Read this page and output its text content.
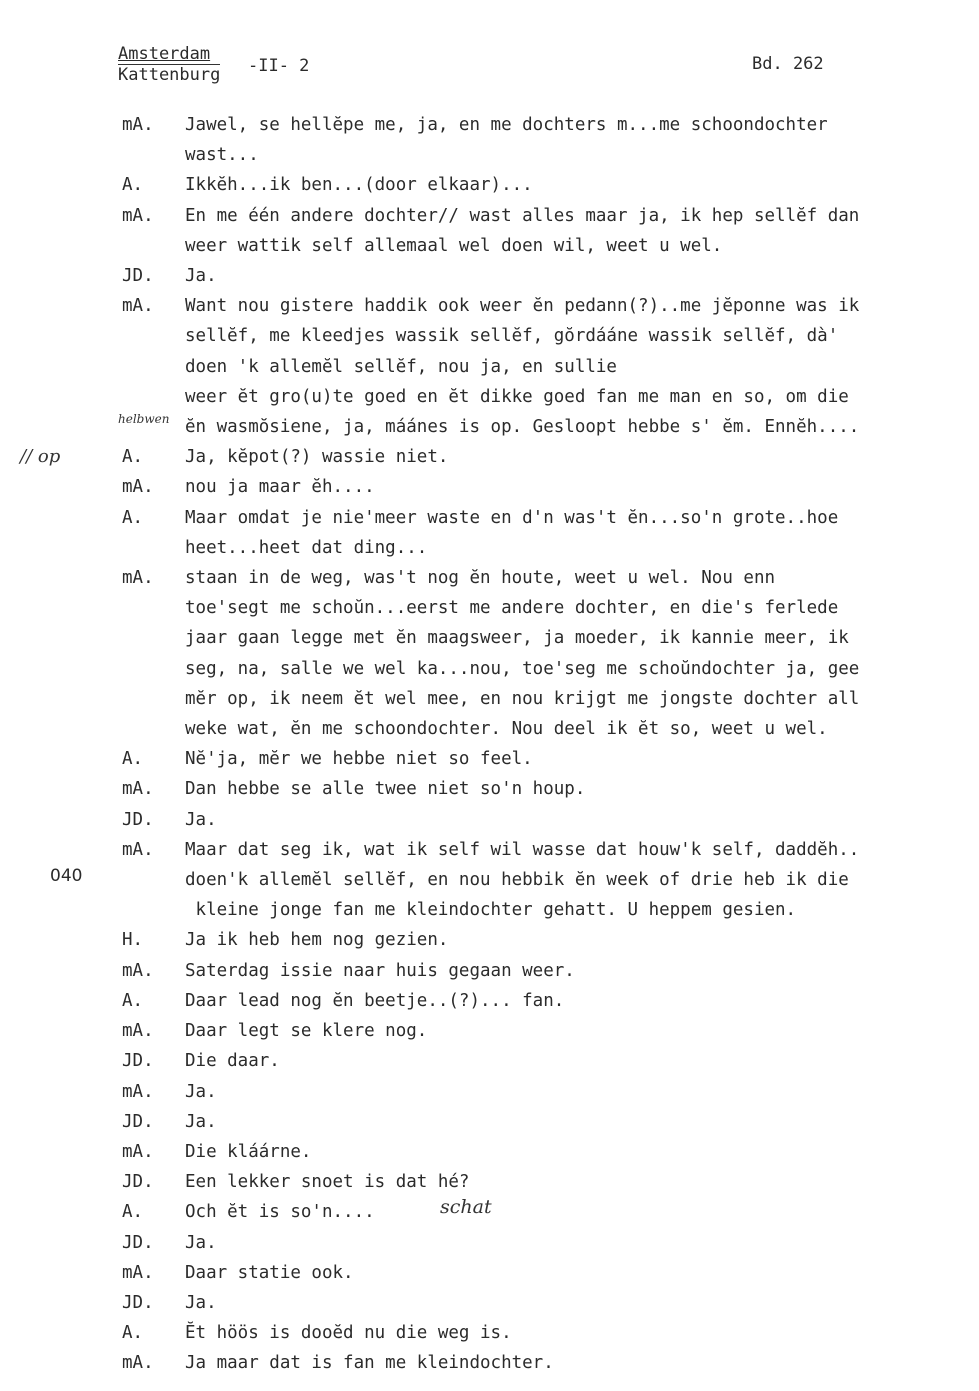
Amsterdam
Kattenburg -II- 2	Bd. 262
040
// op
helbwen
schat
mA.	Jawel, se hellĕpe me, ja, en me dochters m...me schoondochter
wast...
A.	Ikkĕh...ik ben...(door elkaar)...
mA.	En me één andere dochter// wast alles maar ja, ik hep sellĕf dan
weer wattik self allemaal wel doen wil, weet u wel.
JD.	Ja.
mA.	Want nou gistere haddik ook weer ĕn pedann(?)..me jĕponne was ik
sellĕf, me kleedjes wassik sellĕf, gŏrdááne wassik sellĕf, dà'
doen 'k allemĕl sellĕf, nou ja, en sullie
weer ĕt gro(u)te goed en ĕt dikke goed fan me man en so, om die
ĕn wasmŏsiene, ja, máánes is op. Gesloopt hebbe s' ĕm. Ennĕh....
A.	Ja, kĕpot(?) wassie niet.
mA.	nou ja maar ĕh....
A.	Maar omdat je nie'meer waste en d'n was't ĕn...so'n grote..hoe
heet...heet dat ding...
mA.	staan in de weg, was't nog ĕn houte, weet u wel. Nou enn
toe'segt me schoŭn...eerst me andere dochter, en die's ferlede
jaar gaan legge met ĕn maagsweer, ja moeder, ik kannie meer, ik
seg, na, salle we wel ka...nou, toe'seg me schoŭndochter ja, gee
mĕr op, ik neem ĕt wel mee, en nou krijgt me jongste dochter all
weke wat, ĕn me schoondochter. Nou deel ik ĕt so, weet u wel.
A.	Nĕ'ja, mĕr we hebbe niet so feel.
mA.	Dan hebbe se alle twee niet so'n houp.
JD.	Ja.
mA.	Maar dat seg ik, wat ik self wil wasse dat houw'k self, daddĕh..
doen'k allemĕl sellĕf, en nou hebbik ĕn week of drie heb ik die
kleine jonge fan me kleindochter gehatt. U heppem gesien.
H.	Ja ik heb hem nog gezien.
mA.	Saterdag issie naar huis gegaan weer.
A.	Daar lead nog ĕn beetje..(?)... fan.
mA.	Daar legt se klere nog.
JD.	Die daar.
mA.	Ja.
JD.	Ja.
mA.	Die kláárne.
JD.	Een lekker snoet is dat hé?
A.	Och ĕt is so'n....
JD.	Ja.
mA.	Daar statie ook.
JD.	Ja.
A.	Ĕt höös is dooĕd nu die weg is.
mA.	Ja maar dat is fan me kleindochter.
